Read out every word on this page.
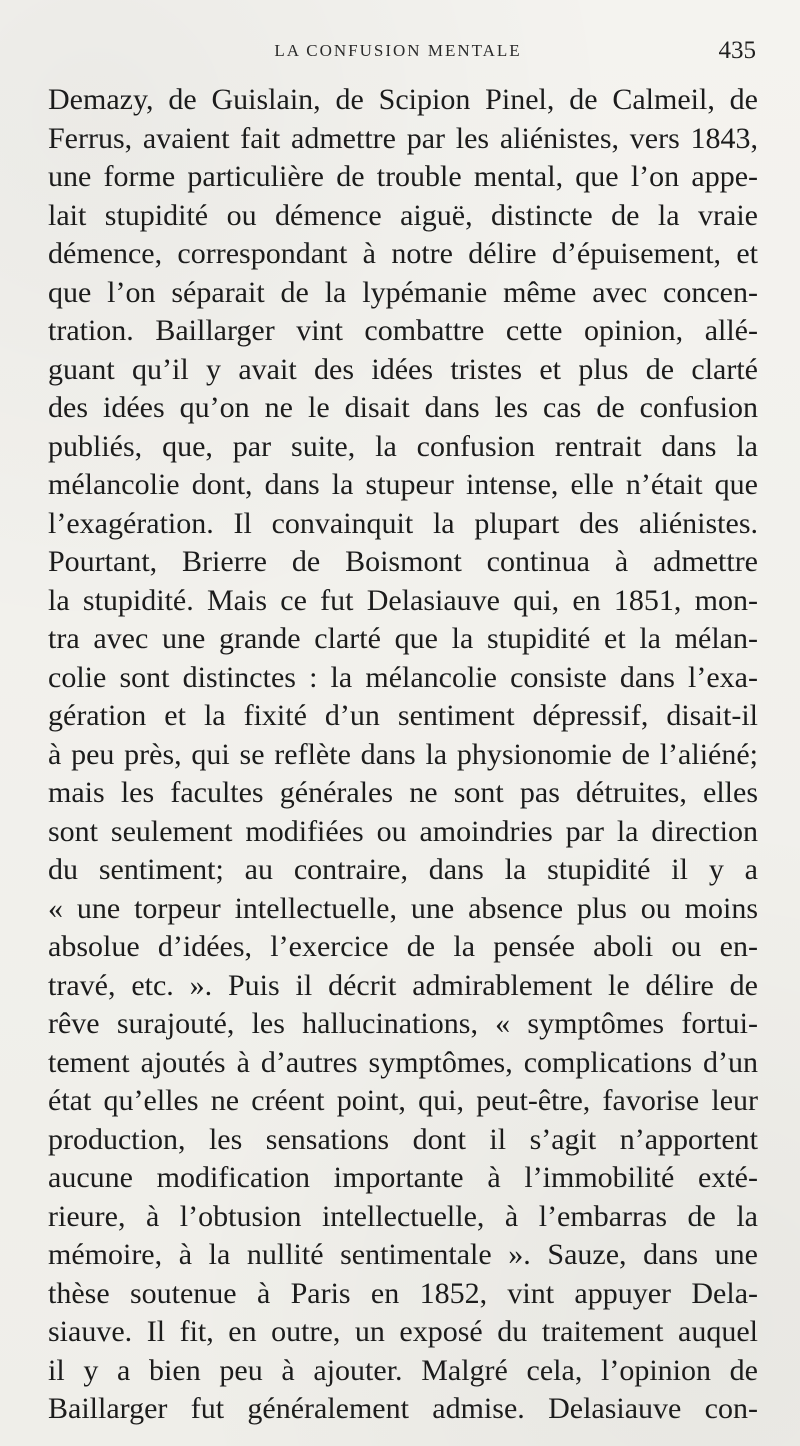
LA CONFUSION MENTALE	435
Demazy, de Guislain, de Scipion Pinel, de Calmeil, de
Ferrus, avaient fait admettre par les aliénistes, vers 1843,
une forme particulière de trouble mental, que l’on appe-
lait stupidité ou démence aiguë, distincte de la vraie
démence, correspondant à notre délire d’épuisement, et
que l’on séparait de la lypémanie même avec concen-
tration. Baillarger vint combattre cette opinion, allé-
guant qu’il y avait des idées tristes et plus de clarté
des idées qu’on ne le disait dans les cas de confusion
publiés, que, par suite, la confusion rentrait dans la
mélancolie dont, dans la stupeur intense, elle n’était que
l’exagération. Il convainquit la plupart des aliénistes.
Pourtant, Brierre de Boismont continua à admettre
la stupidité. Mais ce fut Delasiauve qui, en 1851, mon-
tra avec une grande clarté que la stupidité et la mélan-
colie sont distinctes : la mélancolie consiste dans l’exa-
gération et la fixité d’un sentiment dépressif, disait-il
à peu près, qui se reflète dans la physionomie de l’aliéné;
mais les facultes générales ne sont pas détruites, elles
sont seulement modifiées ou amoindries par la direction
du sentiment; au contraire, dans la stupidité il y a
« une torpeur intellectuelle, une absence plus ou moins
absolue d’idées, l’exercice de la pensée aboli ou en-
travé, etc. ». Puis il décrit admirablement le délire de
rêve surajouté, les hallucinations, « symptômes fortui-
tement ajoutés à d’autres symptômes, complications d’un
état qu’elles ne créent point, qui, peut-être, favorise leur
production, les sensations dont il s’agit n’apportent
aucune modification importante à l’immobilité exté-
rieure, à l’obtusion intellectuelle, à l’embarras de la
mémoire, à la nullité sentimentale ». Sauze, dans une
thèse soutenue à Paris en 1852, vint appuyer Dela-
siauve. Il fit, en outre, un exposé du traitement auquel
il y a bien peu à ajouter. Malgré cela, l’opinion de
Baillarger fut généralement admise. Delasiauve con-
